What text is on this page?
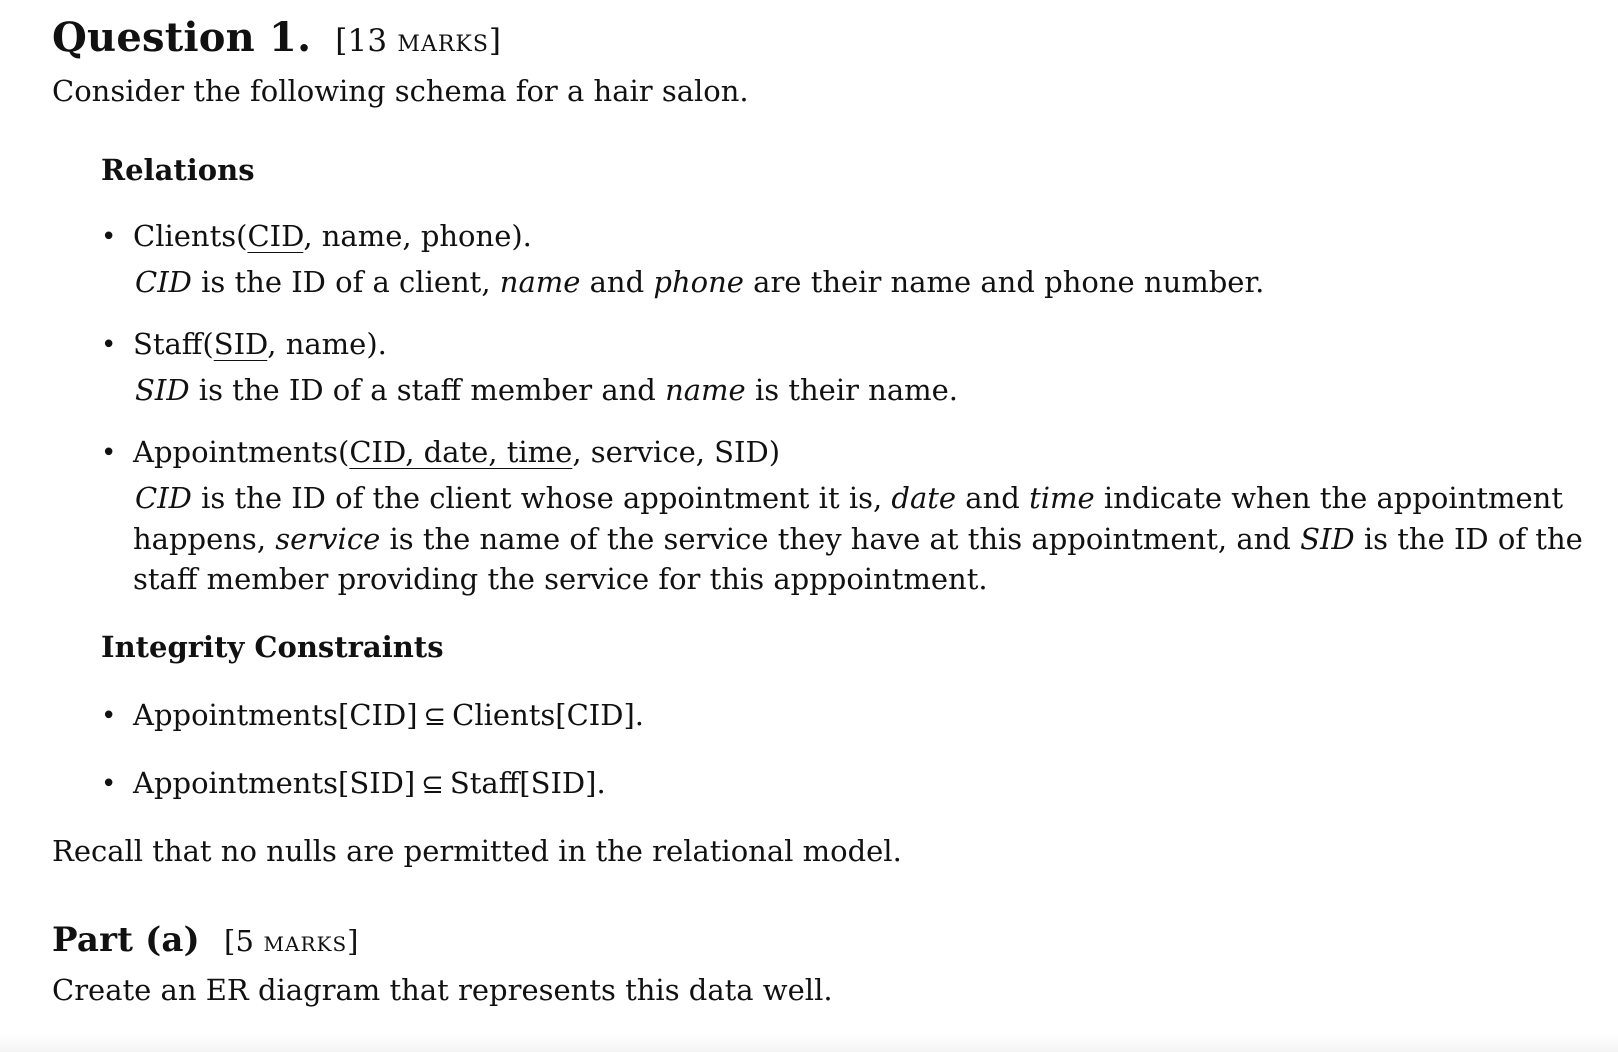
Question 1. [13 marks]
Consider the following schema for a hair salon.
Relations
• Clients(CID, name, phone).
CID is the ID of a client, name and phone are their name and phone number.
• Staff(SID, name).
SID is the ID of a staff member and name is their name.
• Appointments(CID, date, time, service, SID)
CID is the ID of the client whose appointment it is, date and time indicate when the appointment
happens, service is the name of the service they have at this appointment, and SID is the ID of the
staff member providing the service for this apppointment.
Integrity Constraints
• Appointments[CID] ⊆ Clients[CID].
• Appointments[SID] ⊆ Staff[SID].
Recall that no nulls are permitted in the relational model.
Part (a) [5 marks]
Create an ER diagram that represents this data well.
